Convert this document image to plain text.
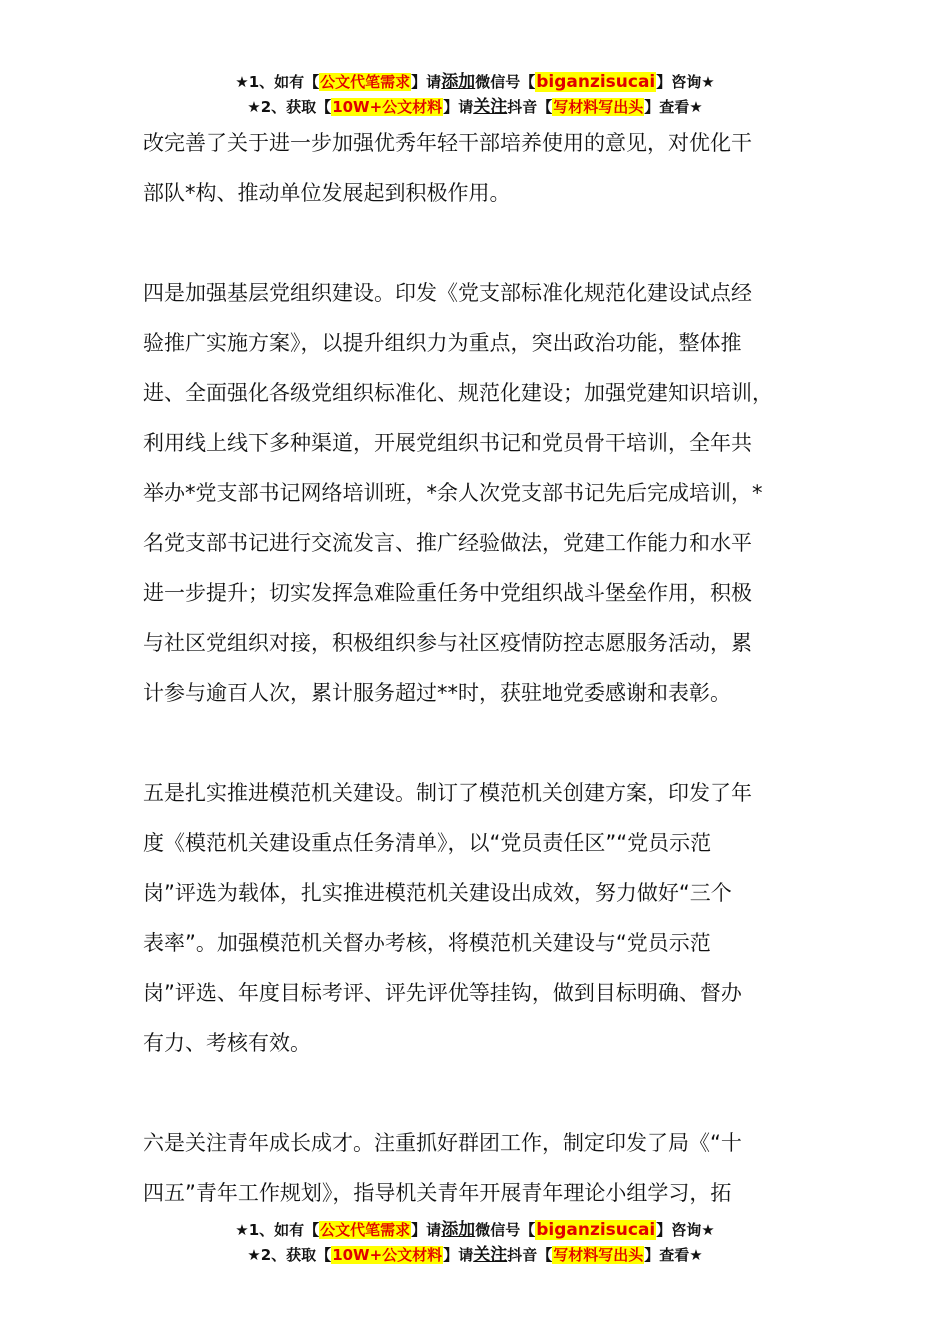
★1、如有【公文代笔需求】请添加微信号【biganzisucai】咨询★
★2、获取【10W+公文材料】请关注抖音【写材料写出头】查看★
改完善了关于进一步加强优秀年轻干部培养使用的意见，对优化干
部队*构、推动单位发展起到积极作用。
四是加强基层党组织建设。印发《党支部标准化规范化建设试点经
验推广实施方案》，以提升组织力为重点，突出政治功能，整体推
进、全面强化各级党组织标准化、规范化建设；加强党建知识培训，
利用线上线下多种渠道，开展党组织书记和党员骨干培训，全年共
举办*党支部书记网络培训班，*余人次党支部书记先后完成培训，*
名党支部书记进行交流发言、推广经验做法，党建工作能力和水平
进一步提升；切实发挥急难险重任务中党组织战斗堡垒作用，积极
与社区党组织对接，积极组织参与社区疫情防控志愿服务活动，累
计参与逾百人次，累计服务超过**时，获驻地党委感谢和表彰。
五是扎实推进模范机关建设。制订了模范机关创建方案，印发了年
度《模范机关建设重点任务清单》，以“党员责任区”“党员示范
岗”评选为载体，扎实推进模范机关建设出成效，努力做好“三个
表率”。加强模范机关督办考核，将模范机关建设与“党员示范
岗”评选、年度目标考评、评先评优等挂钩，做到目标明确、督办
有力、考核有效。
六是关注青年成长成才。注重抓好群团工作，制定印发了局《“十
四五”青年工作规划》，指导机关青年开展青年理论小组学习，拓
★1、如有【公文代笔需求】请添加微信号【biganzisucai】咨询★
★2、获取【10W+公文材料】请关注抖音【写材料写出头】查看★
